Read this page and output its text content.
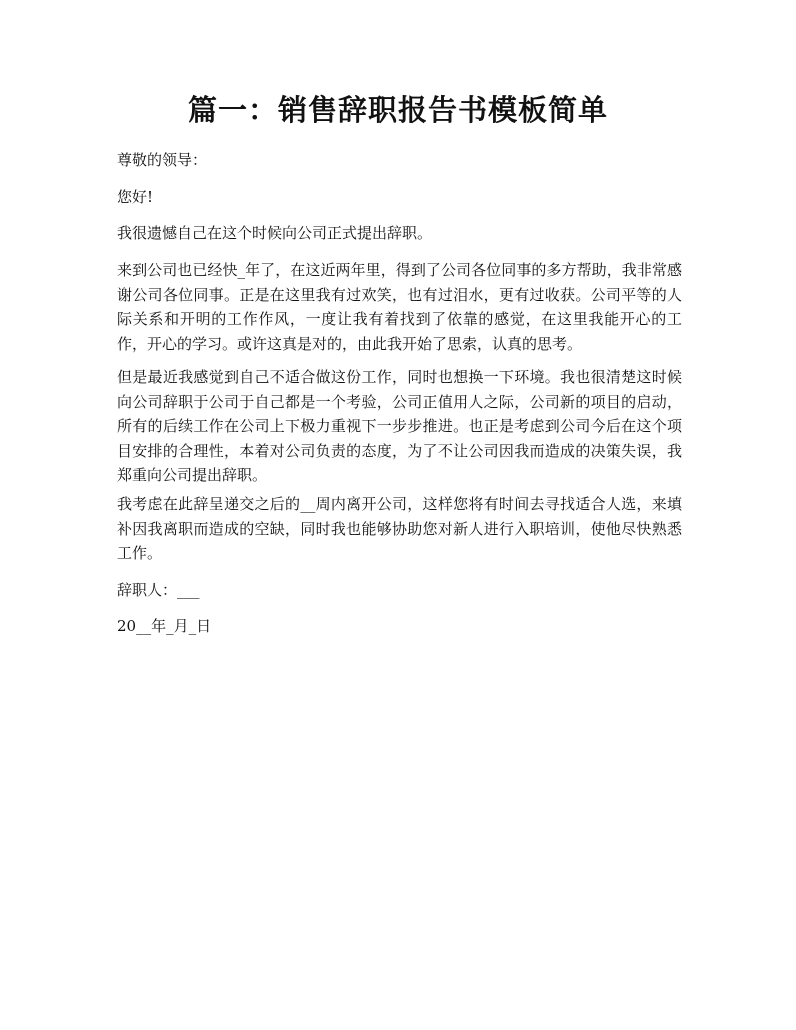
篇一：销售辞职报告书模板简单

尊敬的领导：

您好!

我很遗憾自己在这个时候向公司正式提出辞职。

来到公司也已经快_年了，在这近两年里，得到了公司各位同事的多方帮助，我非常感谢公司各位同事。正是在这里我有过欢笑，也有过泪水，更有过收获。公司平等的人际关系和开明的工作作风，一度让我有着找到了依靠的感觉，在这里我能开心的工作，开心的学习。或许这真是对的，由此我开始了思索，认真的思考。

但是最近我感觉到自己不适合做这份工作，同时也想换一下环境。我也很清楚这时候向公司辞职于公司于自己都是一个考验，公司正值用人之际，公司新的项目的启动，所有的后续工作在公司上下极力重视下一步步推进。也正是考虑到公司今后在这个项目安排的合理性，本着对公司负责的态度，为了不让公司因我而造成的决策失误，我郑重向公司提出辞职。

我考虑在此辞呈递交之后的__周内离开公司，这样您将有时间去寻找适合人选，来填补因我离职而造成的空缺，同时我也能够协助您对新人进行入职培训，使他尽快熟悉工作。

辞职人：___

20__年_月_日
